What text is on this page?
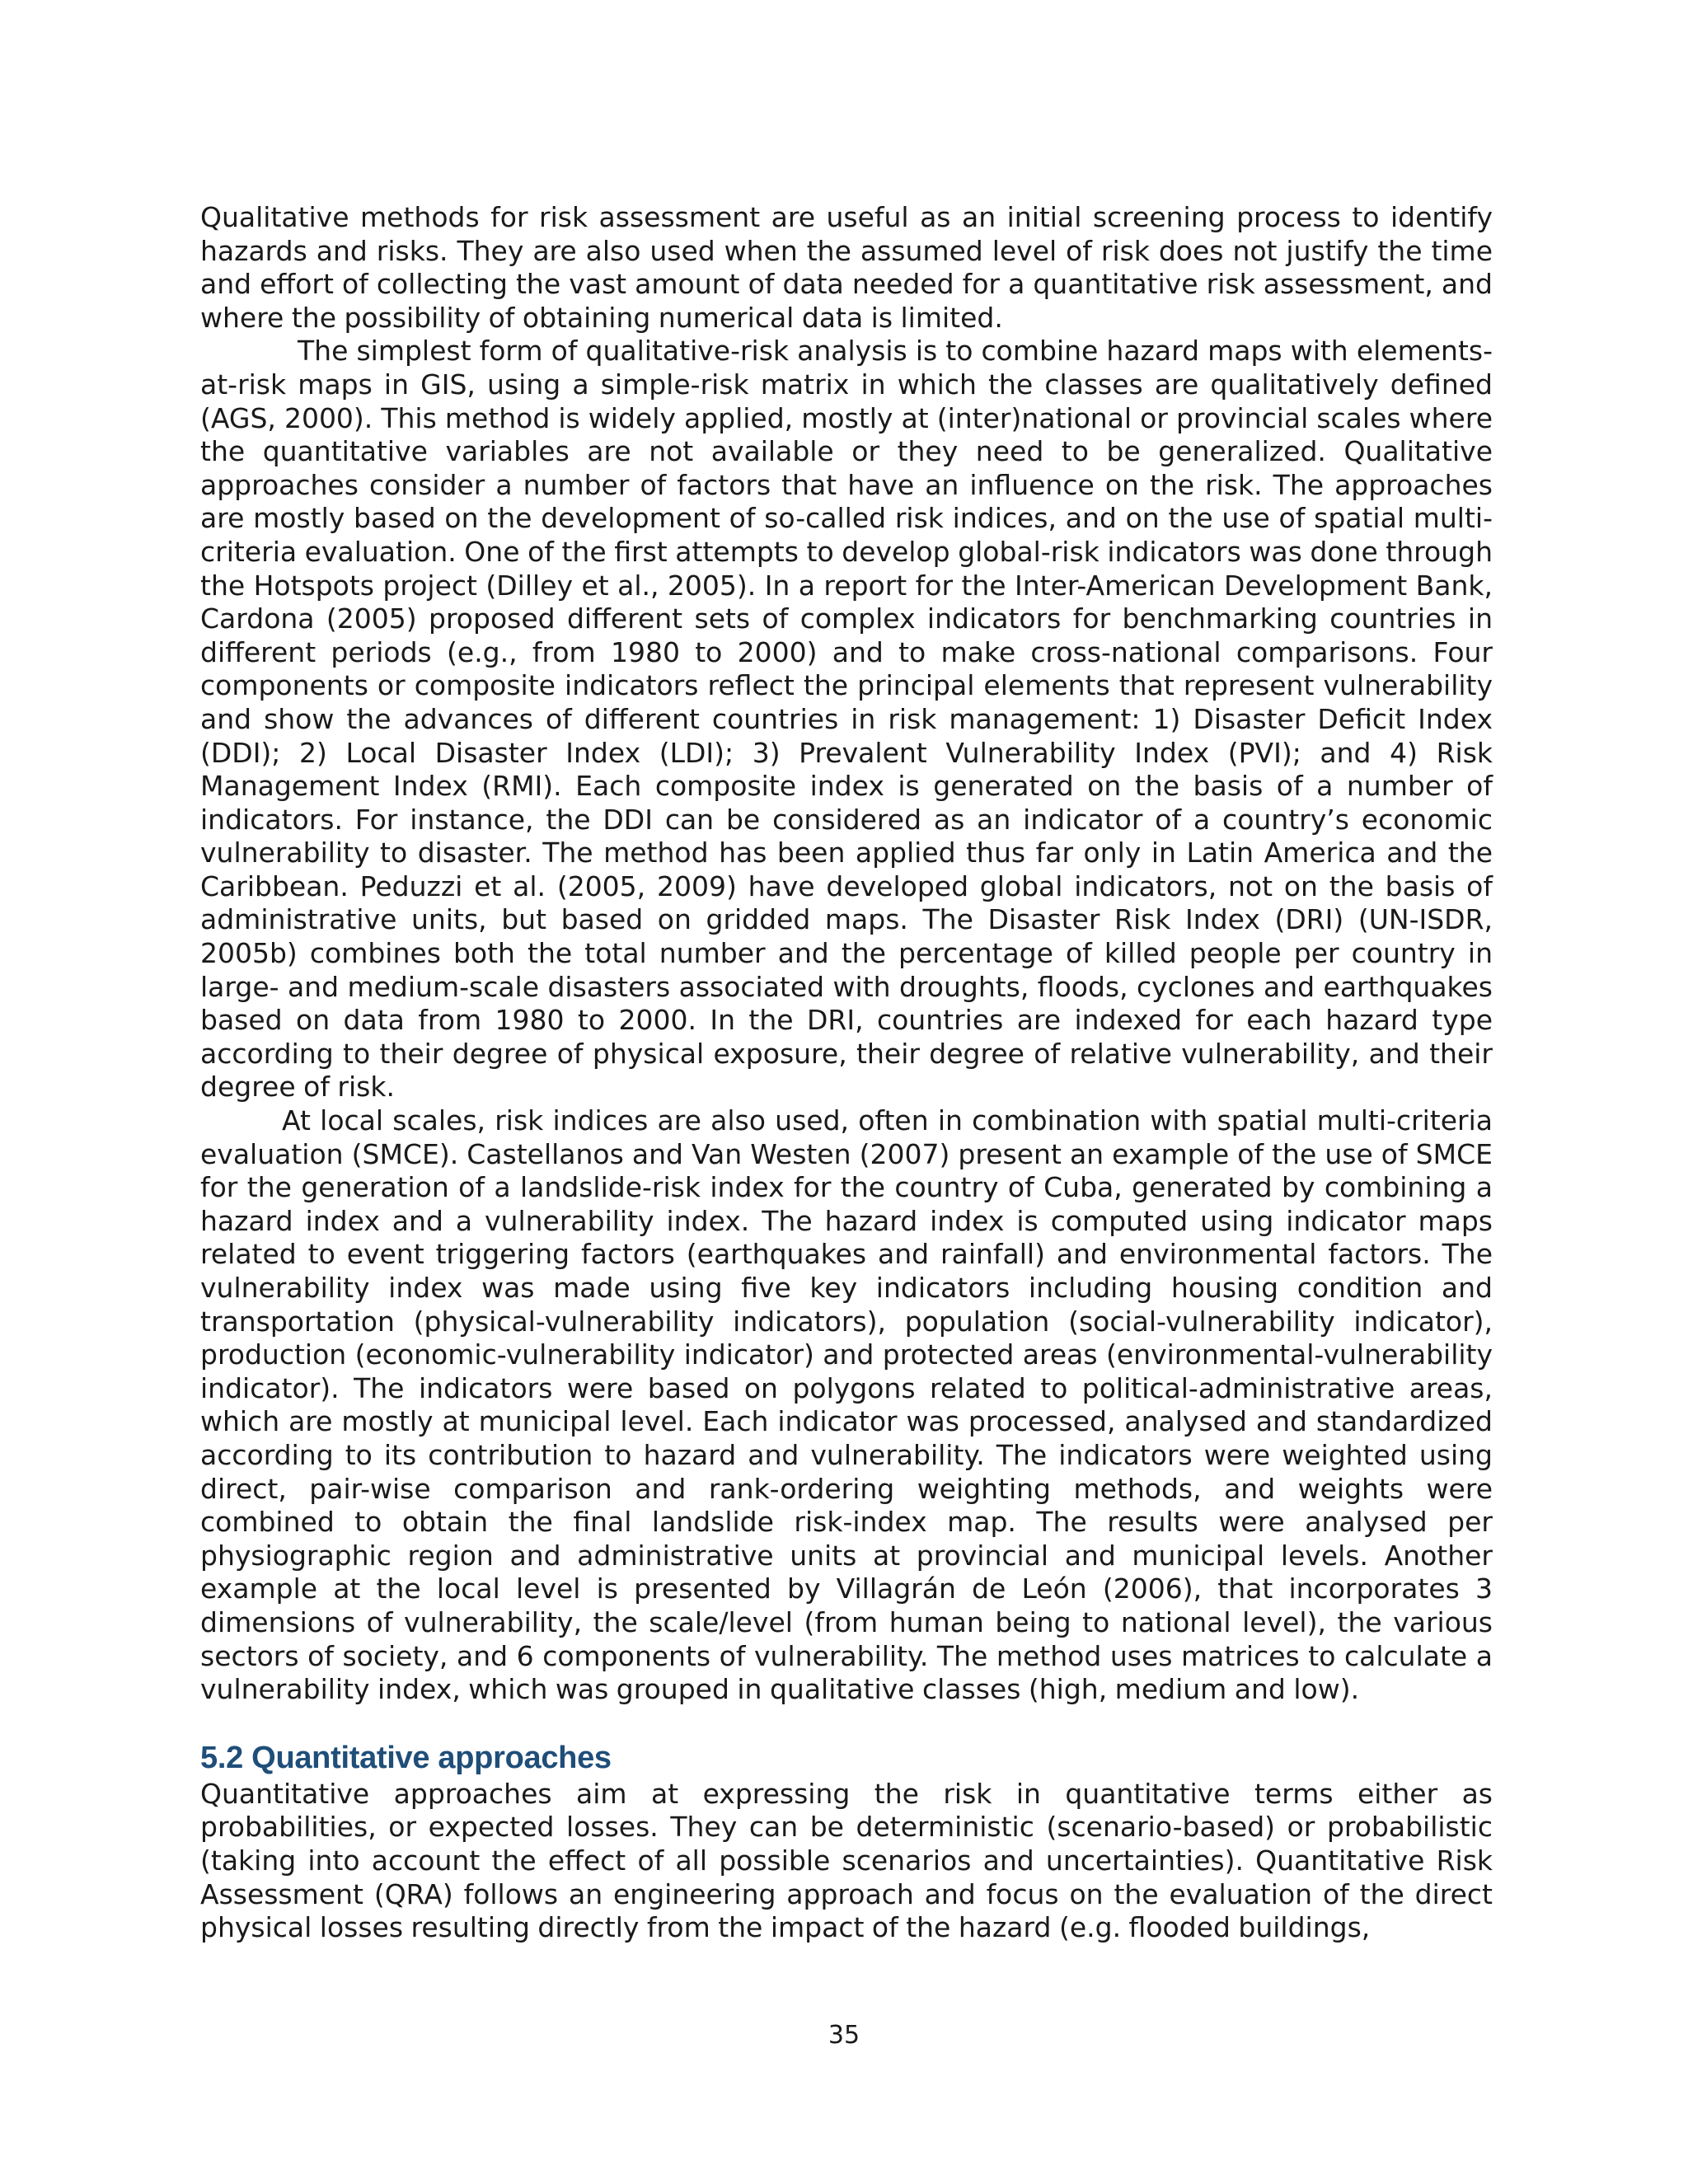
Qualitative methods for risk assessment are useful as an initial screening process to identify hazards and risks. They are also used when the assumed level of risk does not justify the time and effort of collecting the vast amount of data needed for a quantitative risk assessment, and where the possibility of obtaining numerical data is limited.

The simplest form of qualitative-risk analysis is to combine hazard maps with elements-at-risk maps in GIS, using a simple-risk matrix in which the classes are qualitatively defined (AGS, 2000). This method is widely applied, mostly at (inter)national or provincial scales where the quantitative variables are not available or they need to be generalized. Qualitative approaches consider a number of factors that have an influence on the risk. The approaches are mostly based on the development of so-called risk indices, and on the use of spatial multi-criteria evaluation. One of the first attempts to develop global-risk indicators was done through the Hotspots project (Dilley et al., 2005). In a report for the Inter-American Development Bank, Cardona (2005) proposed different sets of complex indicators for benchmarking countries in different periods (e.g., from 1980 to 2000) and to make cross-national comparisons. Four components or composite indicators reflect the principal elements that represent vulnerability and show the advances of different countries in risk management: 1) Disaster Deficit Index (DDI); 2) Local Disaster Index (LDI); 3) Prevalent Vulnerability Index (PVI); and 4) Risk Management Index (RMI). Each composite index is generated on the basis of a number of indicators. For instance, the DDI can be considered as an indicator of a country’s economic vulnerability to disaster. The method has been applied thus far only in Latin America and the Caribbean. Peduzzi et al. (2005, 2009) have developed global indicators, not on the basis of administrative units, but based on gridded maps. The Disaster Risk Index (DRI) (UN-ISDR, 2005b) combines both the total number and the percentage of killed people per country in large- and medium-scale disasters associated with droughts, floods, cyclones and earthquakes based on data from 1980 to 2000. In the DRI, countries are indexed for each hazard type according to their degree of physical exposure, their degree of relative vulnerability, and their degree of risk.

At local scales, risk indices are also used, often in combination with spatial multi-criteria evaluation (SMCE). Castellanos and Van Westen (2007) present an example of the use of SMCE for the generation of a landslide-risk index for the country of Cuba, generated by combining a hazard index and a vulnerability index. The hazard index is computed using indicator maps related to event triggering factors (earthquakes and rainfall) and environmental factors. The vulnerability index was made using five key indicators including housing condition and transportation (physical-vulnerability indicators), population (social-vulnerability indicator), production (economic-vulnerability indicator) and protected areas (environmental-vulnerability indicator). The indicators were based on polygons related to political-administrative areas, which are mostly at municipal level. Each indicator was processed, analysed and standardized according to its contribution to hazard and vulnerability. The indicators were weighted using direct, pair-wise comparison and rank-ordering weighting methods, and weights were combined to obtain the final landslide risk-index map. The results were analysed per physiographic region and administrative units at provincial and municipal levels. Another example at the local level is presented by Villagrán de León (2006), that incorporates 3 dimensions of vulnerability, the scale/level (from human being to national level), the various sectors of society, and 6 components of vulnerability. The method uses matrices to calculate a vulnerability index, which was grouped in qualitative classes (high, medium and low).

5.2 Quantitative approaches

Quantitative approaches aim at expressing the risk in quantitative terms either as probabilities, or expected losses. They can be deterministic (scenario-based) or probabilistic (taking into account the effect of all possible scenarios and uncertainties). Quantitative Risk Assessment (QRA) follows an engineering approach and focus on the evaluation of the direct physical losses resulting directly from the impact of the hazard (e.g. flooded buildings,

35
